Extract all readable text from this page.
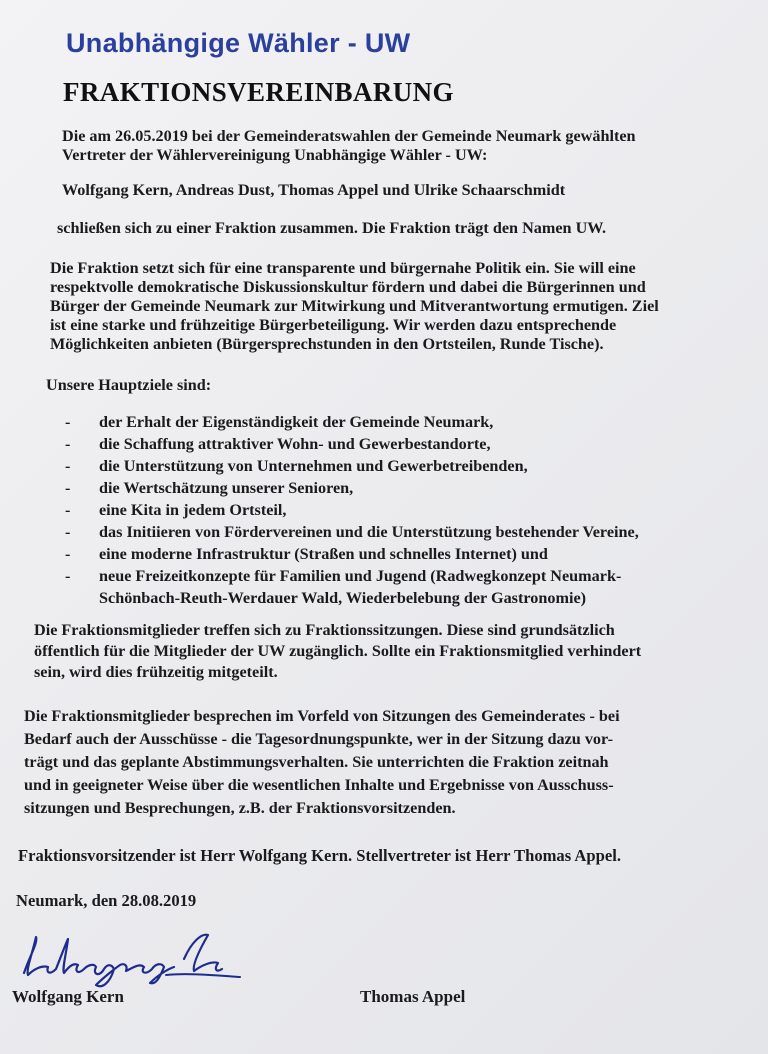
Unabhängige Wähler - UW
FRAKTIONSVEREINBARUNG
Die am 26.05.2019 bei der Gemeinderatswahlen der Gemeinde Neumark gewählten
Vertreter der Wählervereinigung Unabhängige Wähler - UW:
Wolfgang Kern, Andreas Dust, Thomas Appel und Ulrike Schaarschmidt
schließen sich zu einer Fraktion zusammen. Die Fraktion trägt den Namen UW.
Die Fraktion setzt sich für eine transparente und bürgernahe Politik ein. Sie will eine
respektvolle demokratische Diskussionskultur fördern und dabei die Bürgerinnen und
Bürger der Gemeinde Neumark zur Mitwirkung und Mitverantwortung ermutigen. Ziel
ist eine starke und frühzeitige Bürgerbeteiligung. Wir werden dazu entsprechende
Möglichkeiten anbieten (Bürgersprechstunden in den Ortsteilen, Runde Tische).
Unsere Hauptziele sind:
- der Erhalt der Eigenständigkeit der Gemeinde Neumark,
- die Schaffung attraktiver Wohn- und Gewerbestandorte,
- die Unterstützung von Unternehmen und Gewerbetreibenden,
- die Wertschätzung unserer Senioren,
- eine Kita in jedem Ortsteil,
- das Initiieren von Fördervereinen und die Unterstützung bestehender Vereine,
- eine moderne Infrastruktur (Straßen und schnelles Internet) und
- neue Freizeitkonzepte für Familien und Jugend (Radwegkonzept Neumark-
Schönbach-Reuth-Werdauer Wald, Wiederbelebung der Gastronomie)
Die Fraktionsmitglieder treffen sich zu Fraktionssitzungen. Diese sind grundsätzlich
öffentlich für die Mitglieder der UW zugänglich. Sollte ein Fraktionsmitglied verhindert
sein, wird dies frühzeitig mitgeteilt.
Die Fraktionsmitglieder besprechen im Vorfeld von Sitzungen des Gemeinderates - bei
Bedarf auch der Ausschüsse - die Tagesordnungspunkte, wer in der Sitzung dazu vor-
trägt und das geplante Abstimmungsverhalten. Sie unterrichten die Fraktion zeitnah
und in geeigneter Weise über die wesentlichen Inhalte und Ergebnisse von Ausschuss-
sitzungen und Besprechungen, z.B. der Fraktionsvorsitzenden.
Fraktionsvorsitzender ist Herr Wolfgang Kern. Stellvertreter ist Herr Thomas Appel.
Neumark, den 28.08.2019
Wolfgang Kern	Thomas Appel
